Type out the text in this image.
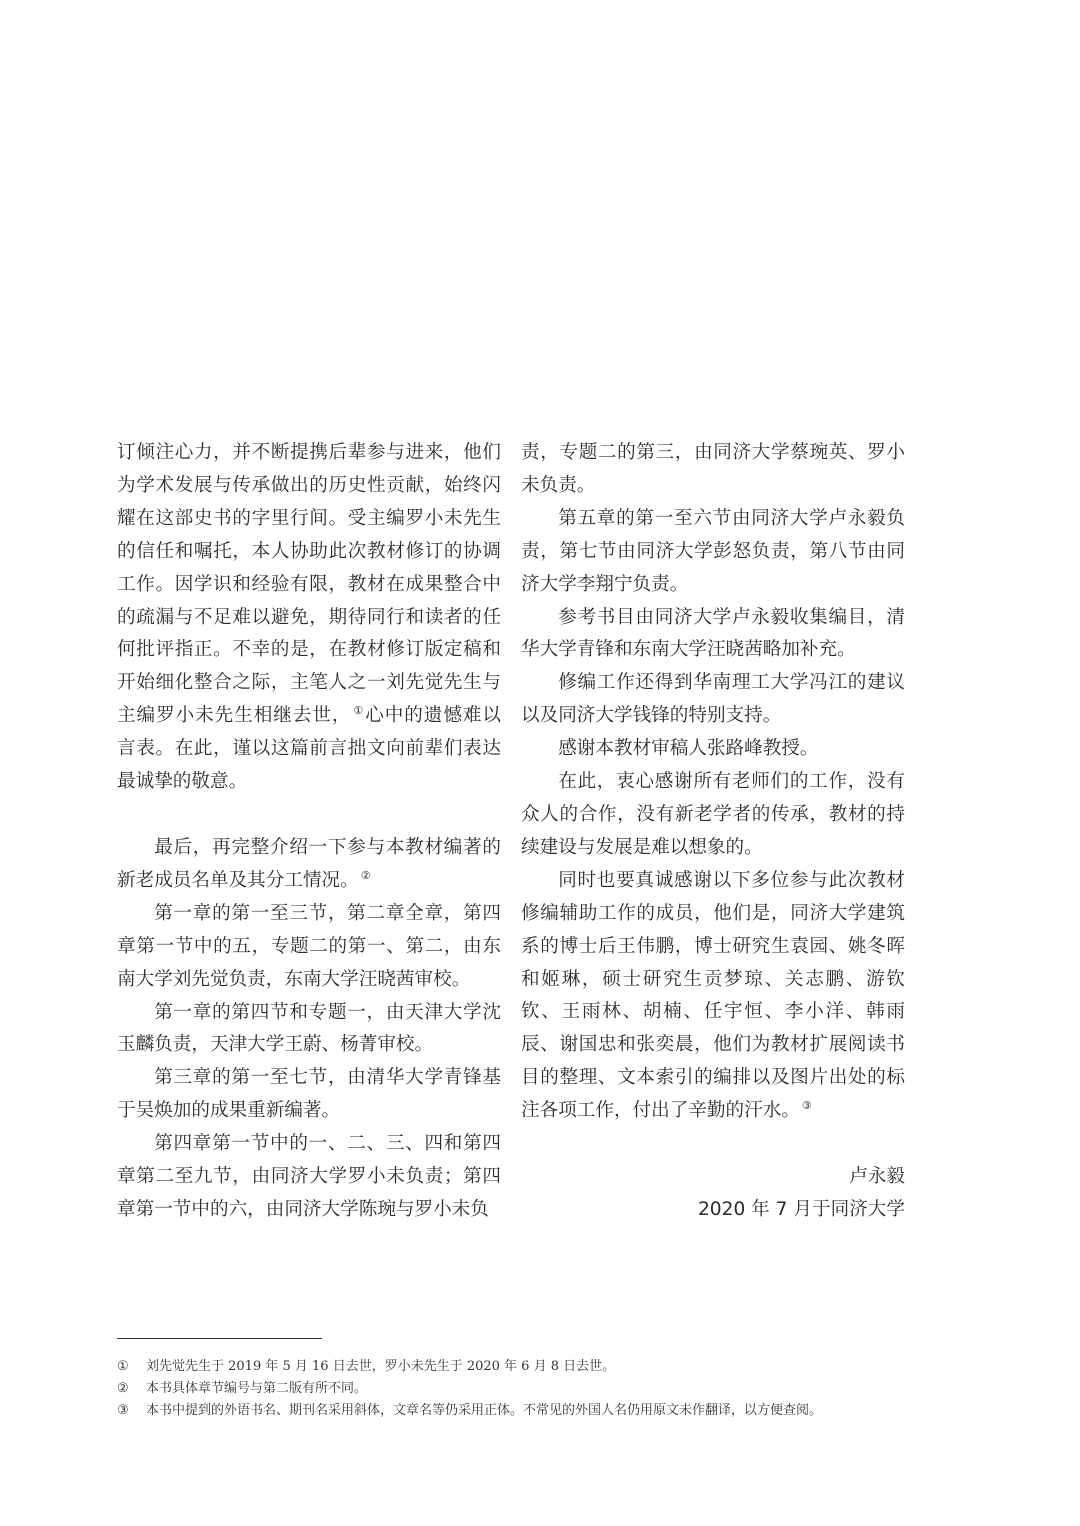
订倾注心力，并不断提携后辈参与进来，他们为学术发展与传承做出的历史性贡献，始终闪耀在这部史书的字里行间。受主编罗小未先生的信任和嘱托，本人协助此次教材修订的协调工作。因学识和经验有限，教材在成果整合中的疏漏与不足难以避免，期待同行和读者的任何批评指正。不幸的是，在教材修订版定稿和开始细化整合之际，主笔人之一刘先觉先生与主编罗小未先生相继去世， ①心中的遗憾难以言表。在此，谨以这篇前言拙文向前辈们表达最诚挚的敬意。

最后，再完整介绍一下参与本教材编著的新老成员名单及其分工情况。 ②

第一章的第一至三节，第二章全章，第四章第一节中的五，专题二的第一、第二，由东南大学刘先觉负责，东南大学汪晓茜审校。

第一章的第四节和专题一，由天津大学沈玉麟负责，天津大学王蔚、杨菁审校。

第三章的第一至七节，由清华大学青锋基于吴焕加的成果重新编著。

第四章第一节中的一、二、三、四和第四章第二至九节，由同济大学罗小未负责；第四章第一节中的六，由同济大学陈琬与罗小未负

责，专题二的第三，由同济大学蔡琬英、罗小未负责。

第五章的第一至六节由同济大学卢永毅负责，第七节由同济大学彭怒负责，第八节由同济大学李翔宁负责。

参考书目由同济大学卢永毅收集编目，清华大学青锋和东南大学汪晓茜略加补充。

修编工作还得到华南理工大学冯江的建议以及同济大学钱锋的特别支持。

感谢本教材审稿人张路峰教授。

在此，衷心感谢所有老师们的工作，没有众人的合作，没有新老学者的传承，教材的持续建设与发展是难以想象的。

同时也要真诚感谢以下多位参与此次教材修编辅助工作的成员，他们是，同济大学建筑系的博士后王伟鹏，博士研究生袁园、姚冬晖和姬琳，硕士研究生贡梦琼、关志鹏、游钦钦、王雨林、胡楠、任宇恒、李小洋、韩雨辰、谢国忠和张奕晨，他们为教材扩展阅读书目的整理、文本索引的编排以及图片出处的标注各项工作，付出了辛勤的汗水。 ③

卢永毅

2020 年 7 月于同济大学

①	刘先觉先生于 2019 年 5 月 16 日去世，罗小未先生于 2020 年 6 月 8 日去世。
②	本书具体章节编号与第二版有所不同。
③	本书中提到的外语书名、期刊名采用斜体，文章名等仍采用正体。不常见的外国人名仍用原文未作翻译，以方便查阅。
